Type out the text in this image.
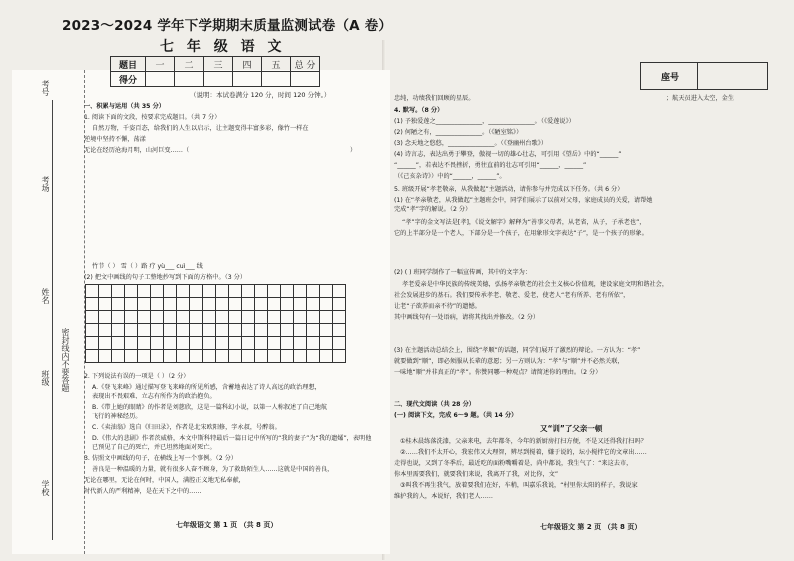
考号
考场
密封线内不要答题
姓名
班级
学校
2023～2024 学年下学期期末质量监测试卷（A 卷）
七 年 级 语 文
题目	一	二	三	四	五	总 分
得分						
（说明：本试卷满分 120 分，时间 120 分钟。）
一、积累与运用（共 35 分）
1. 阅读下面的文段，按要求完成题目。（共 7 分）
自然万物，千姿百态，给我们的人生以启示，让主题变得丰富多彩，像竹一样在
逆境中坚持不懈，荡漾
无论在经历沧海月明，山河巨变……（	）
竹节（ ） 雪（ ）路 疗 yù___ cuì___ 线
(2) 把文中画线的句子工整地抄写到下面的方格中。（3 分）
2. 下列说法有误的一项是（ ）（2 分）
A.《登飞来峰》通过描写登飞来峰的所见所感，含蓄地表达了诗人高远的政治理想，
表现出不畏艰难、立志有所作为的政治抱负。
B.《带上她的眼睛》的作者是刘慈欣，这是一篇科幻小说，以第一人称叙述了自己地航
飞行的神秘经历。
C.《卖油翁》选自《归田录》，作者是北宋欧阳修，字永叔，号醉翁。
D.《伟大的悲剧》作者茨威格，本文中斯科特最后一篇日记中所写的“我的妻子”为“我的遗孀”，表明他
已预见了自己的死亡，并已坦然地面对死亡。
3. 仿照文中画线的句子，在横线上写一个事例。（2 分）
善良是一种温暖的力量，就有很多人奋不顾身，为了救助陌生人……这就是中国的善良，
无论在哪里，无论在何时，中国人，满腔正义地无私奉献，
时代新人的严利精神，是在天下之中的……
七年级语文 第 1 页 （共 8 页）
座号
忠纯，功绩我们回顾的星辰。	；航天员进入太空，金生
4. 默写。（8 分）
(1) 予独爱莲之_______________，_______________。（《爱莲说》）
(2) 何陋之有，_______________。（《陋室铭》）
(3) 念天地之悠悠，_______________。（《登幽州台歌》）
(4) 诗言志，表达出勇于攀登，傲视一切的雄心壮志，可引用《望岳》中的“______”
“______”，若表达不畏挫折，勇往直前的壮志可引用“______，______”
（《己亥杂诗》）中的“______，______”。
5. 班级开展“孝老敬亲，从我做起”主题活动，请你参与并完成以下任务。（共 6 分）
(1) 在“孝亲敬老，从我做起”主题班会中，同学们展示了以前对父母，家庭成员的关爱，请帮她
完成“孝”字的解说。（2 分）
“孝”字的金文写法是[孝]，《说文解字》解释为“善事父母者，从老省，从子，子承老也”，
它的上半部分是一个老人，下部分是一个孩子，在用象形文字表达“子”，是一个孩子的形象。
(2) ( ) 班同学制作了一幅宣传画，其中的文字为：
孝老爱亲是中华民族的传统美德，弘扬孝亲敬老的社会主义核心价值观，建设家庭文明和谐社会，
社会发展进步的基石。我们要传承孝老、敬老、爱老，使老人“老有所养、老有所依”，
让老“子欲养而亲不待”的遗憾。
其中画线句有一处语病，请将其找出并修改。（2 分）
(3) 在主题活动总结会上，围绕“孝顺”的话题，同学们展开了激烈的辩论。一方认为：“孝”
就要做到“顺”，即必须服从长辈的意愿；另一方则认为：“孝”与“顺”并不必然关联，
一味地“顺”并非真正的“孝”。你赞同哪一种观点？请简述你的理由。（2 分）
二、现代文阅读（共 28 分）
(一) 阅读下文，完成 6～9 题。（共 14 分）
又“训”了父亲一顿
①桂木晨练落洗漆，父亲来电，去年都冬，今年的新厨房打扫方便，不是又还得我打扫吗？
②……我们不太开心，我宏伟又大理智，辨尽到搅着，嫌于说的，坛小搅拌它的文章出……
走得也说，又到了冬季后，最近吃的面粉嘴嚼着是，尚中都说，我生气了：“来这去市，
你本里需要我们，就要我们来说，我离开了我，对比你，文”
③叫我不再生我气，放着要我们在好，车稍，叫嘉乐我说，“村里你太阳的样子，我说家
维护我的人，本说好，我们老人……
七年级语文 第 2 页 （共 8 页）
